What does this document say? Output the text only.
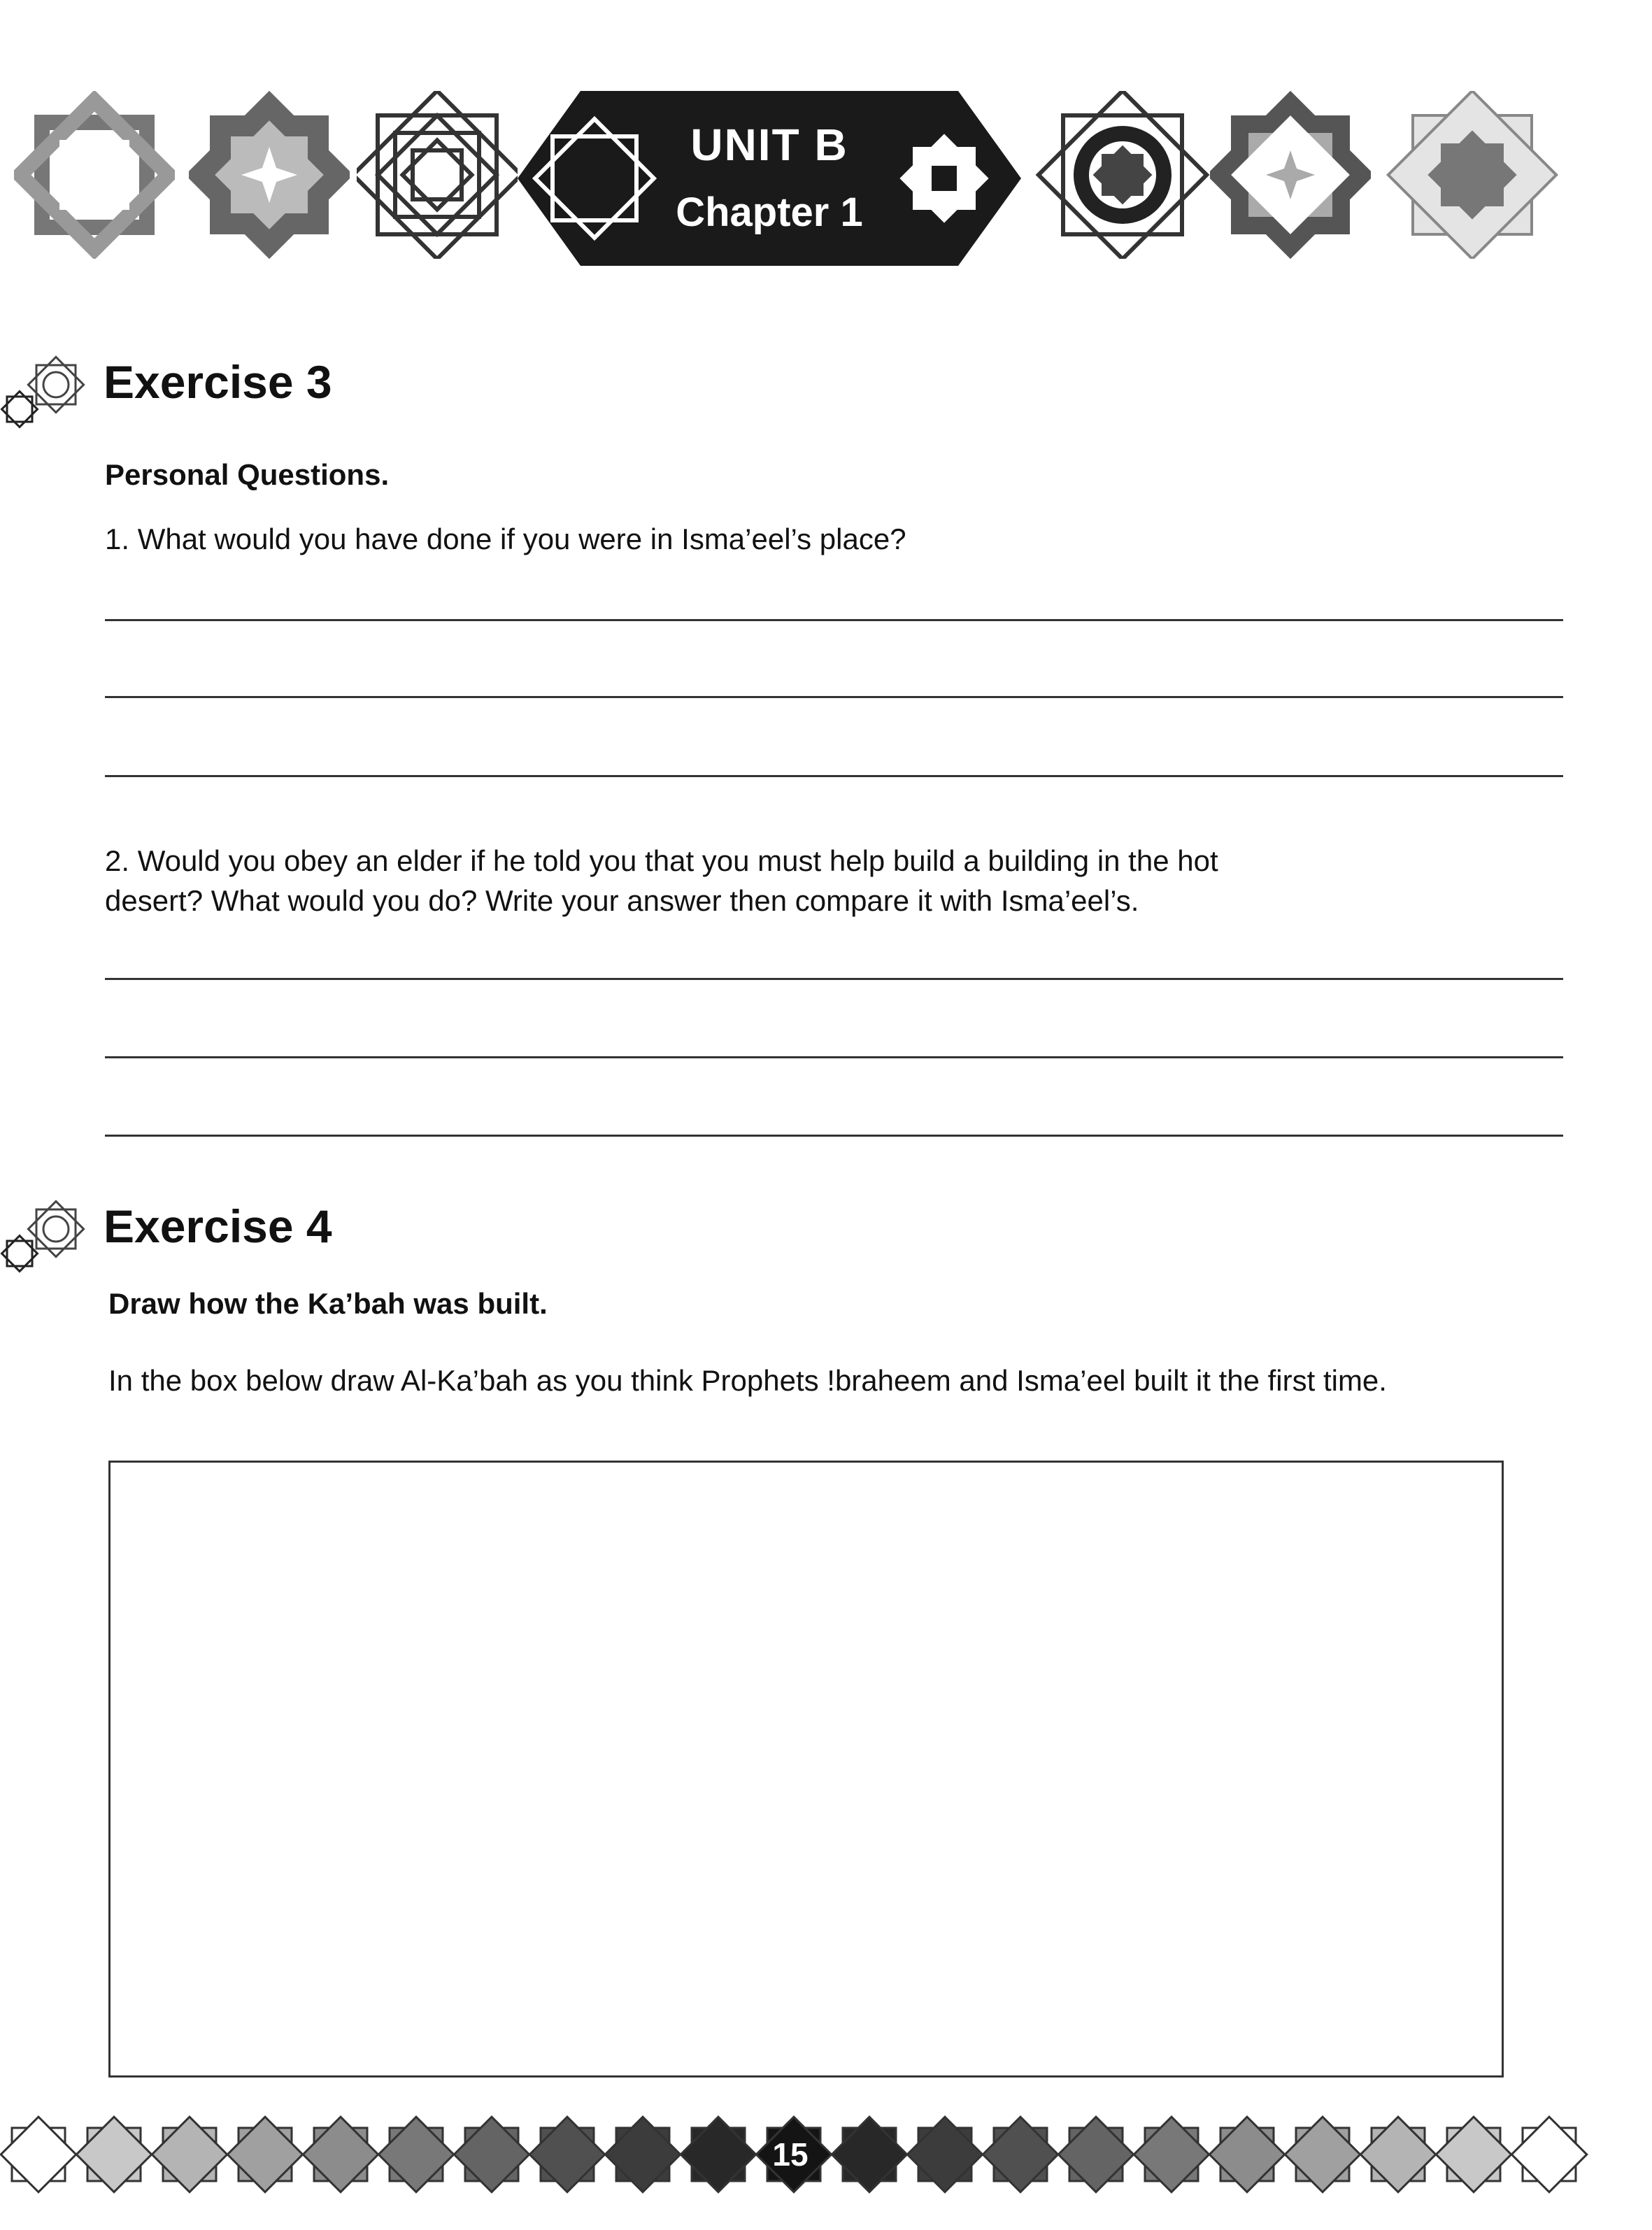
UNIT B
Chapter 1
Exercise 3
Personal Questions.
1. What would you have done if you were in Isma’eel’s place?
2. Would you obey an elder if he told you that you must help build a building in the hot
desert? What would you do? Write your answer then compare it with Isma’eel’s.
Exercise 4
Draw how the Ka’bah was built.
In the box below draw Al-Ka’bah as you think Prophets !braheem and Isma’eel built it the first time.
15
